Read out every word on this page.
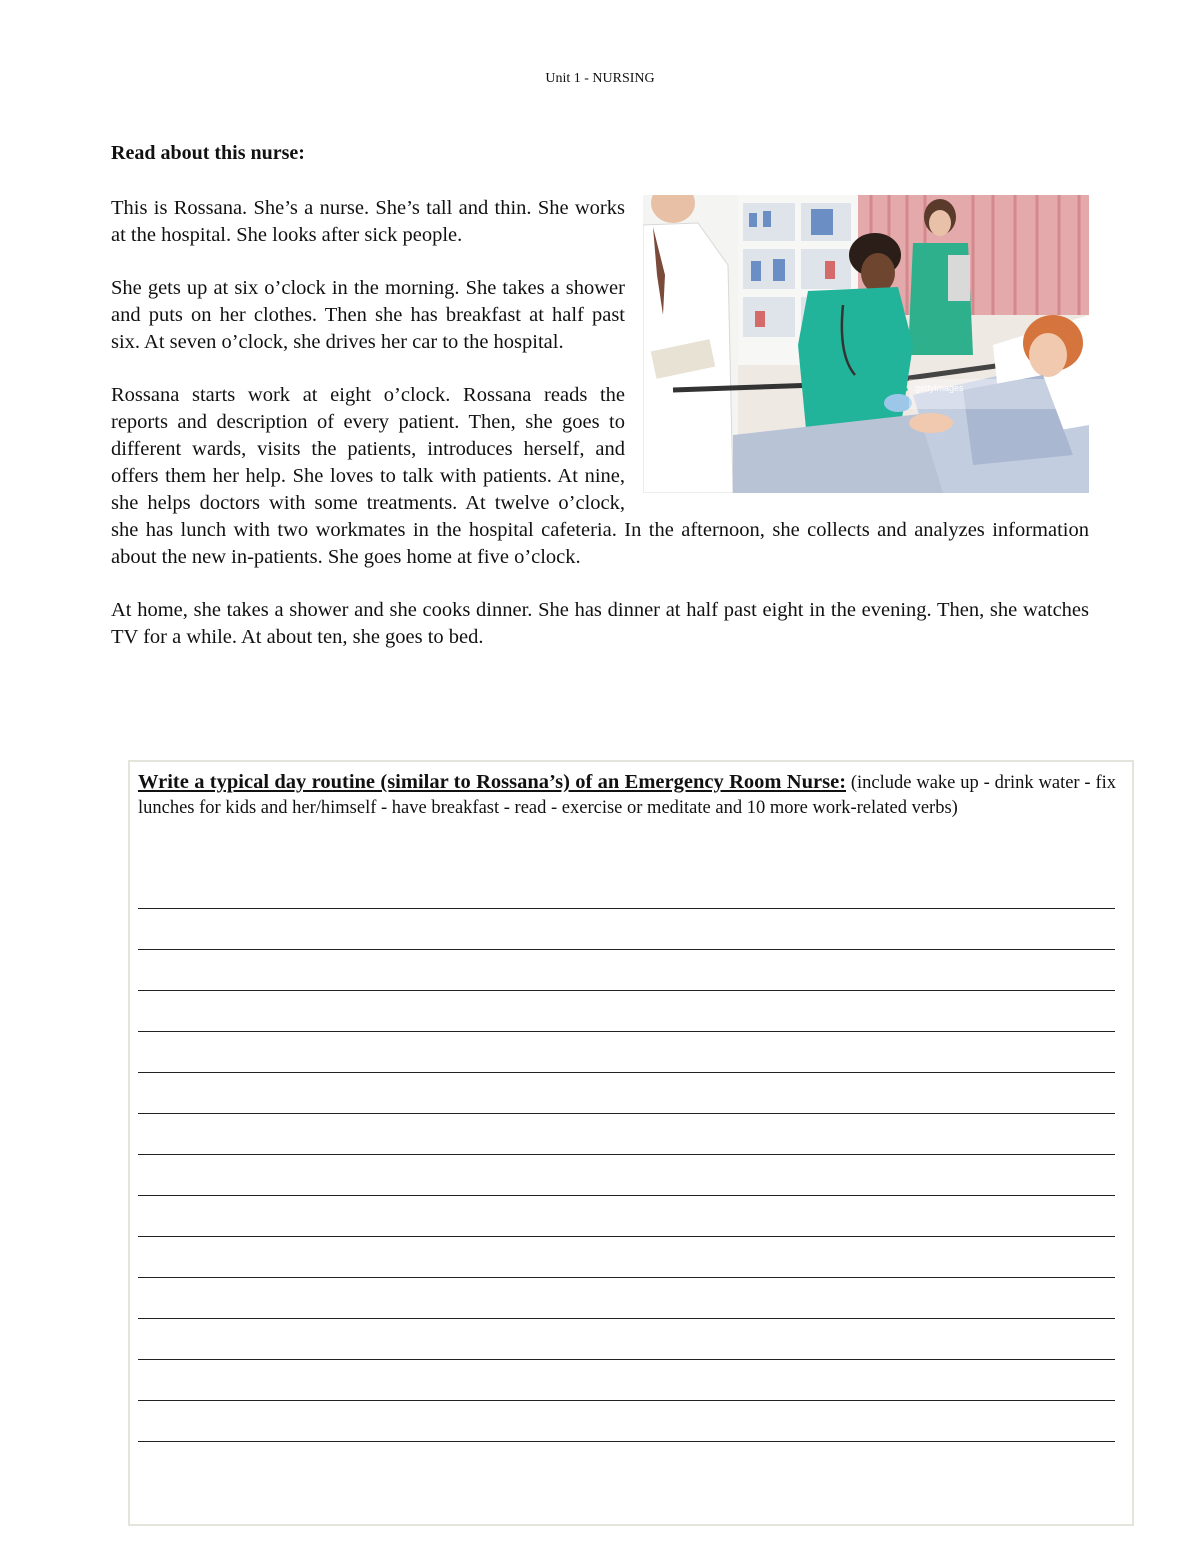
Unit 1 - NURSING
Read about this nurse:
gettyimages

This is Rossana. She’s a nurse. She’s tall and thin. She works at the hospital. She looks after sick people.

She gets up at six o’clock in the morning. She takes a shower and puts on her clothes. Then she has breakfast at half past six. At seven o’clock, she drives her car to the hospital.

Rossana starts work at eight o’clock. Rossana reads the reports and description of every patient. Then, she goes to different wards, visits the patients, introduces herself, and offers them her help. She loves to talk with patients. At nine, she helps doctors with some treatments. At twelve o’clock, she has lunch with two workmates in the hospital cafeteria. In the afternoon, she collects and analyzes information about the new in-patients. She goes home at five o’clock.

At home, she takes a shower and she cooks dinner. She has dinner at half past eight in the evening. Then, she watches TV for a while. At about ten, she goes to bed.

Write a typical day routine (similar to Rossana’s) of an Emergency Room Nurse: (include wake up - drink water - fix lunches for kids and her/himself - have breakfast - read - exercise or meditate and 10 more work-related verbs)
